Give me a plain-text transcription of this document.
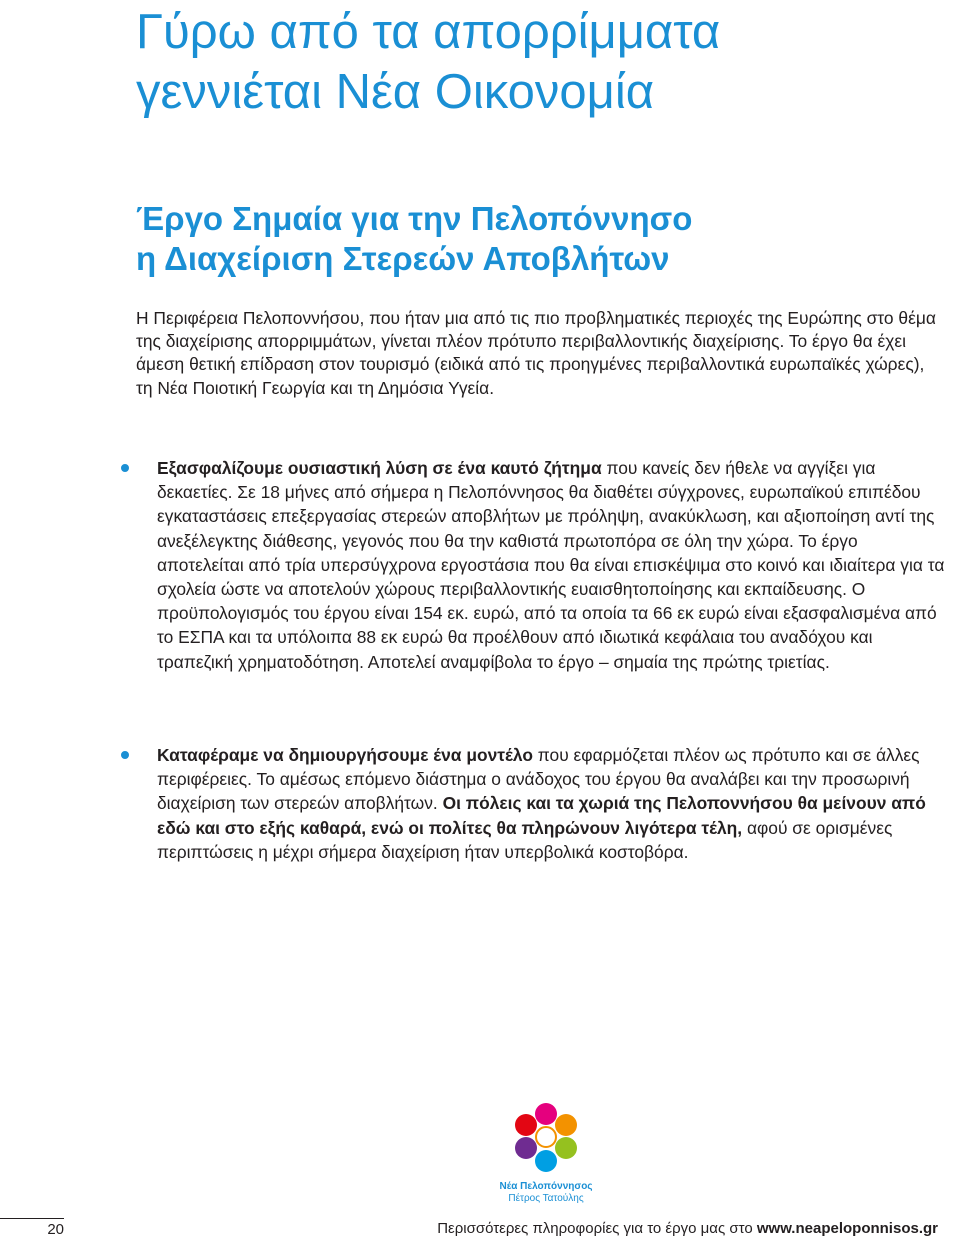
Γύρω από τα απορρίμματα
γεννιέται Νέα Οικονομία
Έργο Σημαία για την Πελοπόννησο
η Διαχείριση Στερεών Αποβλήτων

Η Περιφέρεια Πελοποννήσου, που ήταν μια από τις πιο προβληματικές περιοχές της Ευρώπης στο θέμα της διαχείρισης απορριμμάτων, γίνεται πλέον πρότυπο περιβαλλοντικής διαχείρισης. Το έργο θα έχει άμεση θετική επίδραση στον τουρισμό (ειδικά από τις προηγμένες περιβαλλοντικά ευρωπαϊκές χώρες), τη Νέα Ποιοτική Γεωργία και τη Δημόσια Υγεία.

Εξασφαλίζουμε ουσιαστική λύση σε ένα καυτό ζήτημα που κανείς δεν ήθελε να αγγίξει για δεκαετίες. Σε 18 μήνες από σήμερα η Πελοπόννησος θα διαθέτει σύγχρονες, ευρωπαϊκού επιπέδου εγκαταστάσεις επεξεργασίας στερεών αποβλήτων με πρόληψη, ανακύκλωση, και αξιοποίηση αντί της ανεξέλεγκτης διάθεσης, γεγονός που θα την καθιστά πρωτοπόρα σε όλη την χώρα. Το έργο αποτελείται από τρία υπερσύγχρονα εργοστάσια που θα είναι επισκέψιμα στο κοινό και ιδιαίτερα για τα σχολεία ώστε να αποτελούν χώρους περιβαλλοντικής ευαισθητοποίησης και εκπαίδευσης. Ο προϋπολογισμός του έργου είναι 154 εκ. ευρώ, από τα οποία τα 66 εκ ευρώ είναι εξασφαλισμένα από το ΕΣΠΑ και τα υπόλοιπα 88 εκ ευρώ θα προέλθουν από ιδιωτικά κεφάλαια του αναδόχου και τραπεζική χρηματοδότηση. Αποτελεί αναμφίβολα το έργο – σημαία της πρώτης τριετίας.

Καταφέραμε να δημιουργήσουμε ένα μοντέλο που εφαρμόζεται πλέον ως πρότυπο και σε άλλες περιφέρειες. Το αμέσως επόμενο διάστημα ο ανάδοχος του έργου θα αναλάβει και την προσωρινή διαχείριση των στερεών αποβλήτων. Οι πόλεις και τα χωριά της Πελοποννήσου θα μείνουν από εδώ και στο εξής καθαρά, ενώ οι πολίτες θα πληρώνουν λιγότερα τέλη, αφού σε ορισμένες περιπτώσεις η μέχρι σήμερα διαχείριση ήταν υπερβολικά κοστοβόρα.

Νέα Πελοπόννησος
Πέτρος Τατούλης
20	Περισσότερες πληροφορίες για το έργο μας στο www.neapeloponnisos.gr
